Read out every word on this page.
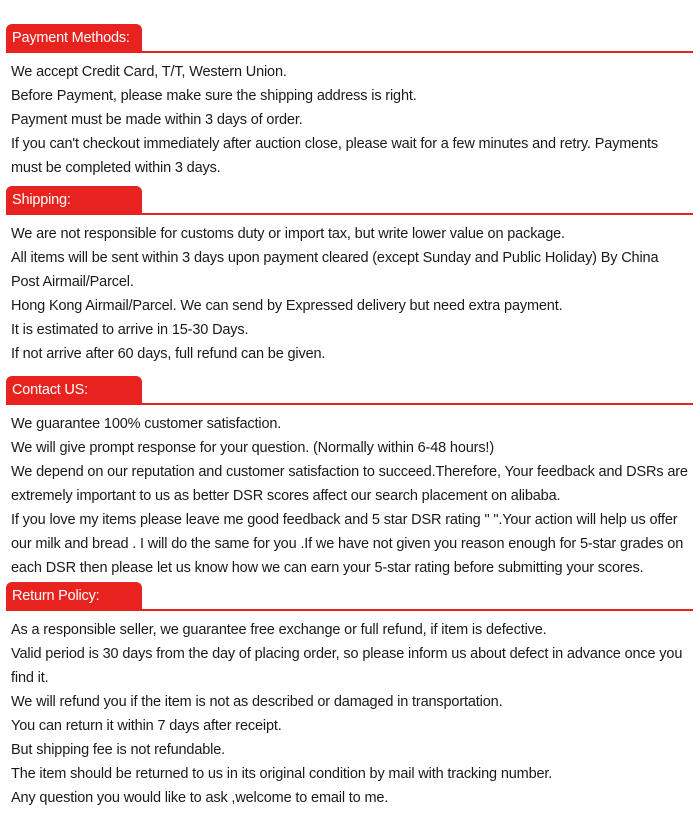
Payment Methods:

We accept Credit Card, T/T, Western Union.

Before Payment, please make sure the shipping address is right.

Payment must be made within 3 days of order.

If you can't checkout immediately after auction close, please wait for a few minutes and retry. Payments must be completed within 3 days.

Shipping:

We are not responsible for customs duty or import tax, but write lower value on package.

All items will be sent within 3 days upon payment cleared (except Sunday and Public Holiday) By China Post Airmail/Parcel.

Hong Kong Airmail/Parcel. We can send by Expressed delivery but need extra payment.

It is estimated to arrive in 15-30 Days.

If not arrive after 60 days, full refund can be given.

Contact US:

We guarantee 100% customer satisfaction.

We will give prompt response for your question. (Normally within 6-48 hours!)

We depend on our reputation and customer satisfaction to succeed.Therefore, Your feedback and DSRs are extremely important to us as better DSR scores affect our search placement on alibaba.

If you love my items please leave me good feedback and 5 star DSR rating " ".Your action will help us offer our milk and bread . I will do the same for you .If we have not given you reason enough for 5-star grades on each DSR then please let us know how we can earn your 5-star rating before submitting your scores.

Return Policy:

As a responsible seller, we guarantee free exchange or full refund, if item is defective.

Valid period is 30 days from the day of placing order, so please inform us about defect in advance once you find it.

We will refund you if the item is not as described or damaged in transportation.

You can return it within 7 days after receipt.

But shipping fee is not refundable.

The item should be returned to us in its original condition by mail with tracking number.

Any question you would like to ask ,welcome to email to me.
